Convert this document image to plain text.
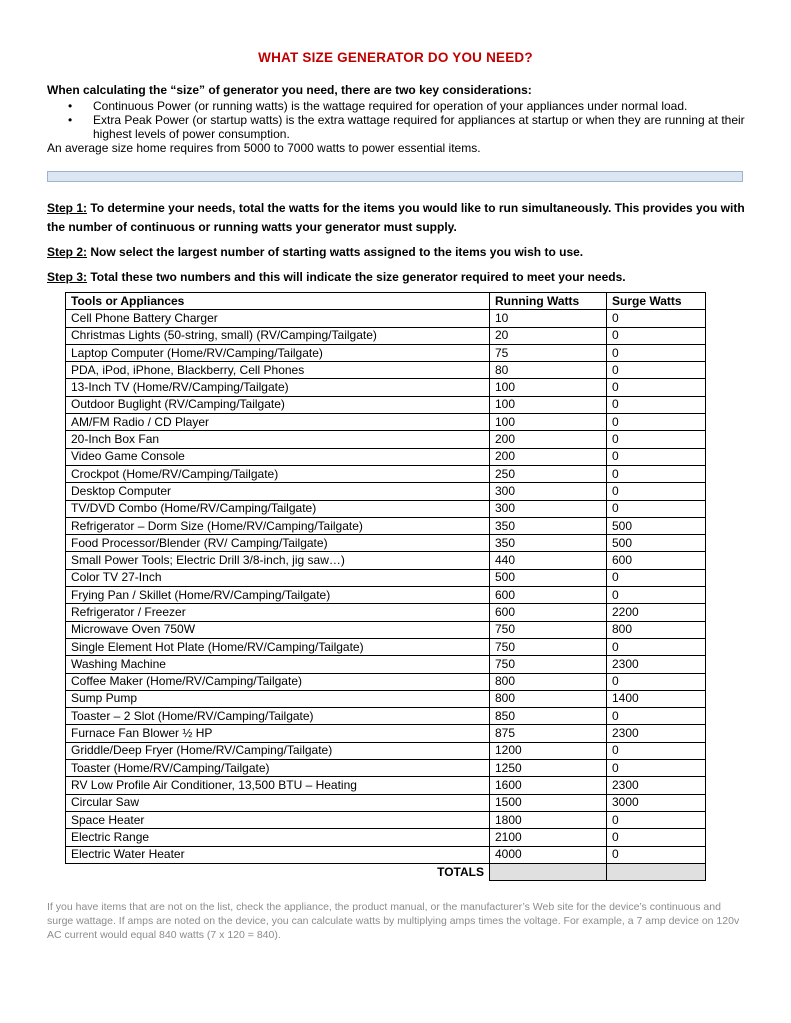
WHAT SIZE GENERATOR DO YOU NEED?
When calculating the “size” of generator you need, there are two key considerations:
• Continuous Power (or running watts) is the wattage required for operation of your appliances under normal load.
• Extra Peak Power (or startup watts) is the extra wattage required for appliances at startup or when they are running at their highest levels of power consumption.
An average size home requires from 5000 to 7000 watts to power essential items.

Step 1: To determine your needs, total the watts for the items you would like to run simultaneously. This provides you with the number of continuous or running watts your generator must supply.

Step 2: Now select the largest number of starting watts assigned to the items you wish to use.

Step 3: Total these two numbers and this will indicate the size generator required to meet your needs.

Tools or Appliances	Running Watts	Surge Watts
Cell Phone Battery Charger	10	0
Christmas Lights (50-string, small) (RV/Camping/Tailgate)	20	0
Laptop Computer (Home/RV/Camping/Tailgate)	75	0
PDA, iPod, iPhone, Blackberry, Cell Phones	80	0
13-Inch TV (Home/RV/Camping/Tailgate)	100	0
Outdoor Buglight (RV/Camping/Tailgate)	100	0
AM/FM Radio / CD Player	100	0
20-Inch Box Fan	200	0
Video Game Console	200	0
Crockpot (Home/RV/Camping/Tailgate)	250	0
Desktop Computer	300	0
TV/DVD Combo (Home/RV/Camping/Tailgate)	300	0
Refrigerator – Dorm Size (Home/RV/Camping/Tailgate)	350	500
Food Processor/Blender (RV/ Camping/Tailgate)	350	500
Small Power Tools; Electric Drill 3/8-inch, jig saw…)	440	600
Color TV 27-Inch	500	0
Frying Pan / Skillet (Home/RV/Camping/Tailgate)	600	0
Refrigerator / Freezer	600	2200
Microwave Oven 750W	750	800
Single Element Hot Plate (Home/RV/Camping/Tailgate)	750	0
Washing Machine	750	2300
Coffee Maker (Home/RV/Camping/Tailgate)	800	0
Sump Pump	800	1400
Toaster – 2 Slot (Home/RV/Camping/Tailgate)	850	0
Furnace Fan Blower ½ HP	875	2300
Griddle/Deep Fryer (Home/RV/Camping/Tailgate)	1200	0
Toaster (Home/RV/Camping/Tailgate)	1250	0
RV Low Profile Air Conditioner, 13,500 BTU – Heating	1600	2300
Circular Saw	1500	3000
Space Heater	1800	0
Electric Range	2100	0
Electric Water Heater	4000	0
TOTALS		
If you have items that are not on the list, check the appliance, the product manual, or the manufacturer’s Web site for the device’s continuous and surge wattage. If amps are noted on the device, you can calculate watts by multiplying amps times the voltage. For example, a 7 amp device on 120v AC current would equal 840 watts (7 x 120 = 840).
